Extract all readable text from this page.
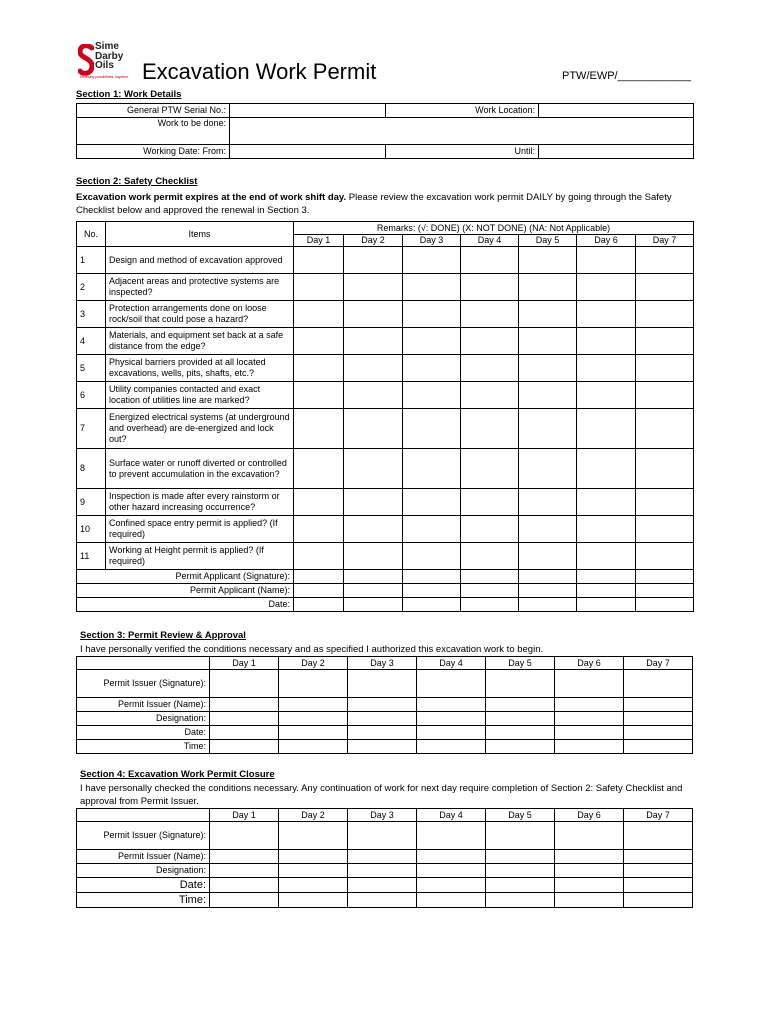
Sime
Darby
Oils
Realising possibilities, together Excavation Work Permit	PTW/EWP/____________
Section 1: Work Details
General PTW Serial No.:		Work Location:	
Work to be done:			
Working Date: From:		Until:	
Section 2: Safety Checklist
Excavation work permit expires at the end of work shift day. Please review the excavation work permit DAILY by going through the Safety Checklist below and approved the renewal in Section 3.
No.	Items	Remarks: (√: DONE) (X: NOT DONE) (NA: Not Applicable)						
		Day 1	Day 2	Day 3	Day 4	Day 5	Day 6	Day 7
1	Design and method of excavation approved							
2	Adjacent areas and protective systems are inspected?							
3	Protection arrangements done on loose rock/soil that could pose a hazard?							
4	Materials, and equipment set back at a safe distance from the edge?							
5	Physical barriers provided at all located excavations, wells, pits, shafts, etc.?							
6	Utility companies contacted and exact location of utilities line are marked?							
7	Energized electrical systems (at underground and overhead) are de-energized and lock out?							
8	Surface water or runoff diverted or controlled to prevent accumulation in the excavation?							
9	Inspection is made after every rainstorm or other hazard increasing occurrence?							
10	Confined space entry permit is applied? (If required)							
11	Working at Height permit is applied? (If required)							
Permit Applicant (Signature):								
Permit Applicant (Name):								
Date:								
Section 3: Permit Review & Approval
I have personally verified the conditions necessary and as specified I authorized this excavation work to begin.
	Day 1	Day 2	Day 3	Day 4	Day 5	Day 6	Day 7
Permit Issuer (Signature):							
Permit Issuer (Name):							
Designation:							
Date:							
Time:							
Section 4: Excavation Work Permit Closure
I have personally checked the conditions necessary. Any continuation of work for next day require completion of Section 2: Safety Checklist and approval from Permit Issuer.
	Day 1	Day 2	Day 3	Day 4	Day 5	Day 6	Day 7
Permit Issuer (Signature):							
Permit Issuer (Name):							
Designation:							
Date:							
Time:							
